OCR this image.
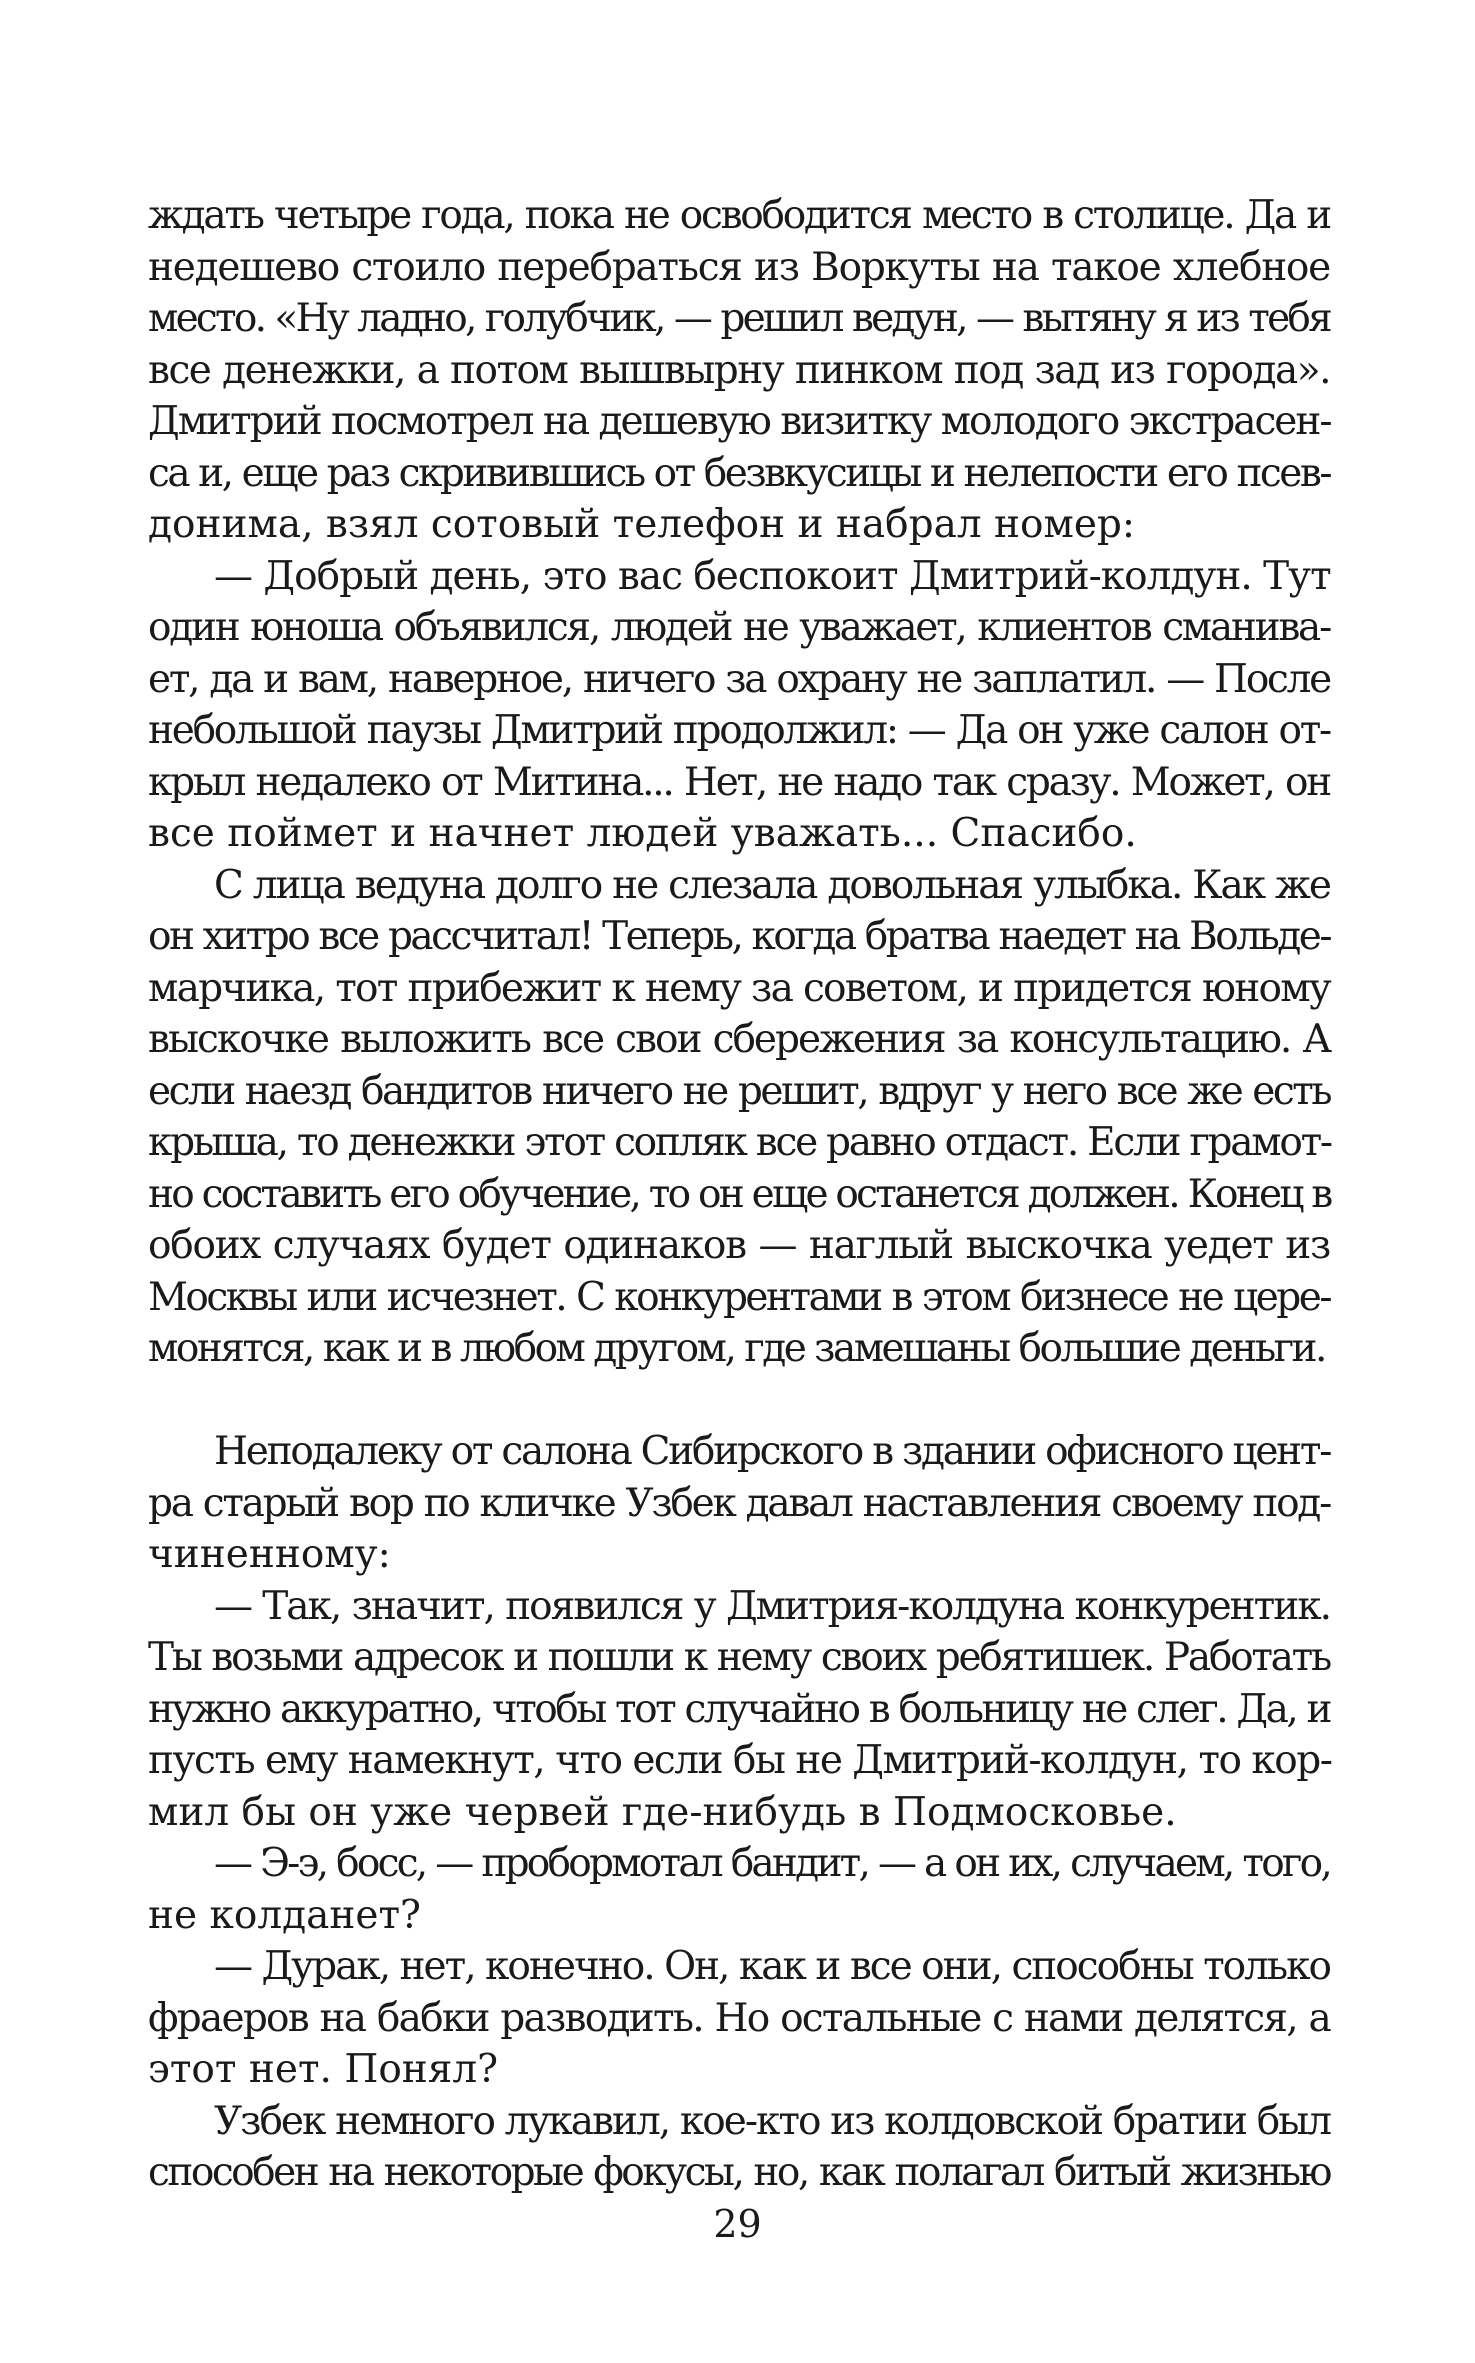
ждать четыре года, пока не освободится место в столице. Да и
недешево стоило перебраться из Воркуты на такое хлебное
место. «Ну ладно, голубчик, — решил ведун, — вытяну я из тебя
все денежки, а потом вышвырну пинком под зад из города».
Дмитрий посмотрел на дешевую визитку молодого экстрасен-
са и, еще раз скривившись от безвкусицы и нелепости его псев-
донима, взял сотовый телефон и набрал номер:
— Добрый день, это вас беспокоит Дмитрий-колдун. Тут
один юноша объявился, людей не уважает, клиентов сманива-
ет, да и вам, наверное, ничего за охрану не заплатил. — После
небольшой паузы Дмитрий продолжил: — Да он уже салон от-
крыл недалеко от Митина... Нет, не надо так сразу. Может, он
все поймет и начнет людей уважать... Спасибо.
С лица ведуна долго не слезала довольная улыбка. Как же
он хитро все рассчитал! Теперь, когда братва наедет на Вольде-
марчика, тот прибежит к нему за советом, и придется юному
выскочке выложить все свои сбережения за консультацию. А
если наезд бандитов ничего не решит, вдруг у него все же есть
крыша, то денежки этот сопляк все равно отдаст. Если грамот-
но составить его обучение, то он еще останется должен. Конец в
обоих случаях будет одинаков — наглый выскочка уедет из
Москвы или исчезнет. С конкурентами в этом бизнесе не цере-
монятся, как и в любом другом, где замешаны большие деньги.
Неподалеку от салона Сибирского в здании офисного цент-
ра старый вор по кличке Узбек давал наставления своему под-
чиненному:
— Так, значит, появился у Дмитрия-колдуна конкурентик.
Ты возьми адресок и пошли к нему своих ребятишек. Работать
нужно аккуратно, чтобы тот случайно в больницу не слег. Да, и
пусть ему намекнут, что если бы не Дмитрий-колдун, то кор-
мил бы он уже червей где-нибудь в Подмосковье.
— Э-э, босс, — пробормотал бандит, — а он их, случаем, того,
не колданет?
— Дурак, нет, конечно. Он, как и все они, способны только
фраеров на бабки разводить. Но остальные с нами делятся, а
этот нет. Понял?
Узбек немного лукавил, кое-кто из колдовской братии был
способен на некоторые фокусы, но, как полагал битый жизнью
29
